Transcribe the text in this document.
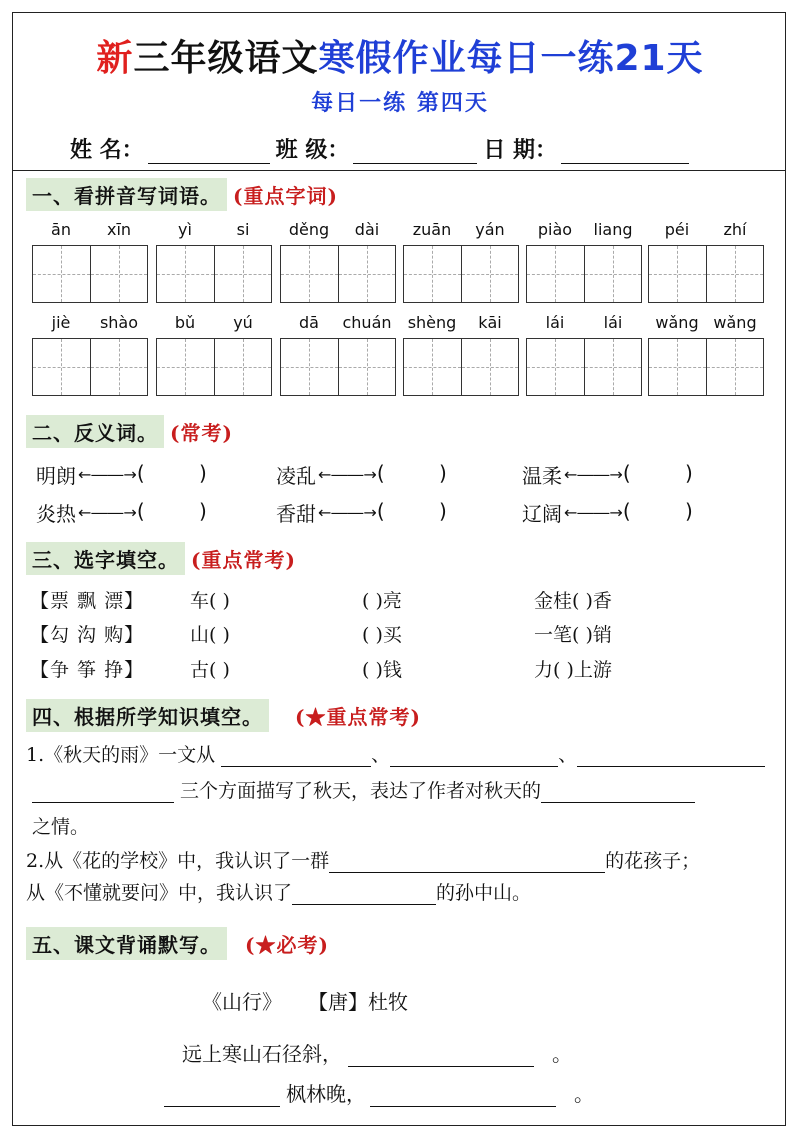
新三年级语文寒假作业每日一练21天
每日一练 第四天
姓 名：	班 级：	日 期：
一、看拼音写词语。 (重点字词)
ān	xīn	yì	si	děng	dài	zuān	yán	piào	liang	péi	zhí
jiè	shào	bǔ	yú	dā	chuán shèng	kāi	lái	lái	wǎng wǎng
二、反义词。 (常考)
明朗 ←――→ (	)	凌乱 ←――→ (	)	温柔 ←――→ (	)
炎热 ←――→ (	)	香甜 ←――→ (	)	辽阔 ←――→ (	)
三、选字填空。 (重点常考)
【票 飘 漂】 车( )	( )亮	金桂( )香
【勾 沟 购】 山( )	( )买	一笔( )销
【争 筝 挣】 古( )	( )钱	力( )上游
四、根据所学知识填空。	(★重点常考)
1.《秋天的雨》一文从	、	、
三个方面描写了秋天，表达了作者对秋天的
之情。
2.从《花的学校》中，我认识了一群	的花孩子；
从《不懂就要问》中，我认识了	的孙中山。
五、课文背诵默写。	(★必考)
《山行》 【唐】杜牧
远上寒山石径斜，	。
枫林晚，	。
